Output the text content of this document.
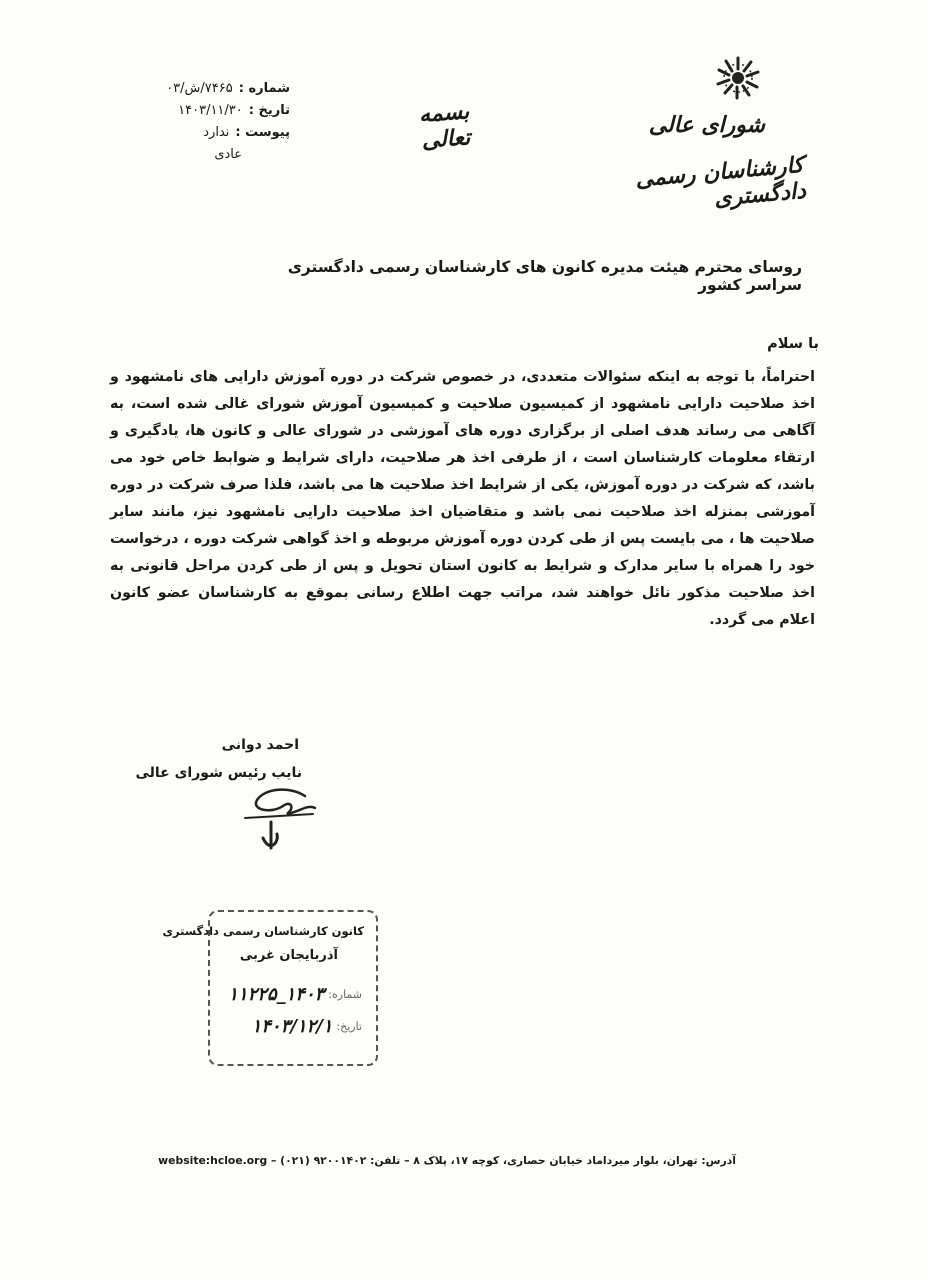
شماره :
۷۴۶۵/ش/۰۳
تاریخ :
۱۴۰۳/۱۱/۳۰
پیوست :
ندارد
عادی
بسمه تعالی	شورای عالی
کارشناسان رسمی دادگستری
روسای محترم هیئت مدیره کانون های کارشناسان رسمی دادگستری سراسر کشور
با سلام
احتراماً، با توجه به اینکه سئوالات متعددی، در خصوص شرکت در دوره آموزش دارایی های نامشهود و اخذ صلاحیت دارایی نامشهود از کمیسیون صلاحیت و کمیسیون آموزش شورای غالی شده است، به آگاهی می رساند هدف اصلی از برگزاری دوره های آموزشی در شورای عالی و کانون ها، یادگیری و ارتقاء معلومات کارشناسان است ، از طرفی اخذ هر صلاحیت، دارای شرایط و ضوابط خاص خود می باشد، که شرکت در دوره آموزش، یکی از شرایط اخذ صلاحیت ها می باشد، فلذا صرف شرکت در دوره آموزشی بمنزله اخذ صلاحیت نمی باشد و متقاضیان اخذ صلاحیت دارایی نامشهود نیز، مانند سایر صلاحیت ها ، می بایست پس از طی کردن دوره آموزش مربوطه و اخذ گواهی شرکت دوره ، درخواست خود را همراه با سایر مدارک و شرایط به کانون استان تحویل و پس از طی کردن مراحل قانونی به اخذ صلاحیت مذکور نائل خواهند شد، مراتب جهت اطلاع رسانی بموقع به کارشناسان عضو کانون اعلام می گردد.
احمد دوانی
نایب رئیس شورای عالی
کانون کارشناسان رسمی دادگستری
آذربایجان غربی
شماره:
۱۴۰۳_۱۱۲۲۵
تاریخ:
۱۴۰۳/۱۲/۱
آدرس: تهران، بلوار میرداماد خیابان حصاری، کوچه ۱۷، پلاک ۸ – تلفن: ۹۲۰۰۱۴۰۲ (۰۲۱) – website:hcloe.org
